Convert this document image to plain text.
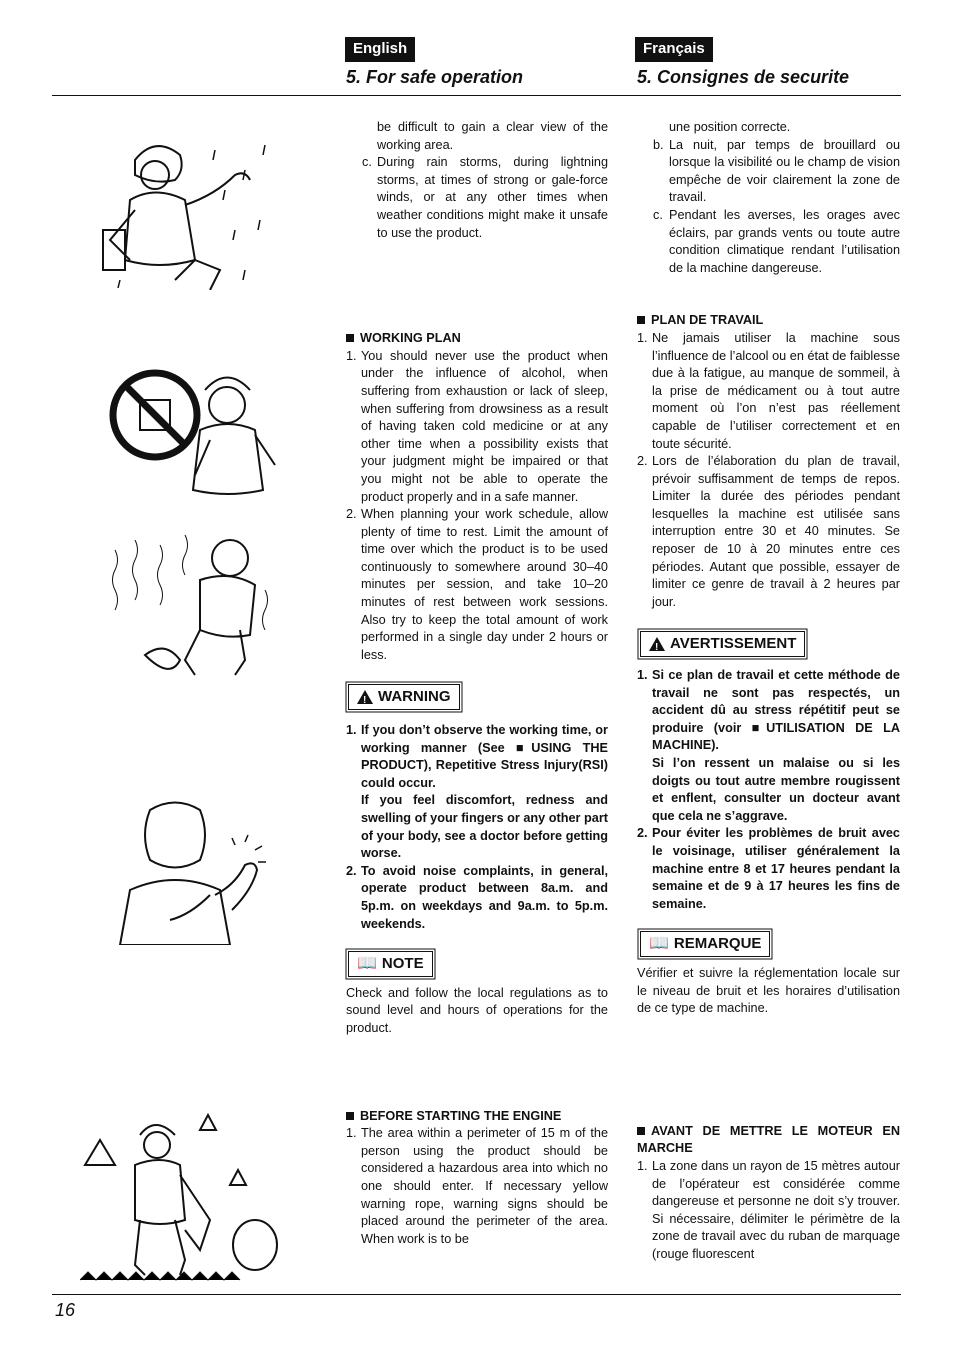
English	Français
5. For safe operation	5. Consignes de securite

be difficult to gain a clear view of the working area.

c. During rain storms, during lightning storms, at times of strong or gale-force winds, or at any other times when weather conditions might make it unsafe to use the product.
WORKING PLAN
1. You should never use the product when under the influence of alcohol, when suffering from exhaustion or lack of sleep, when suffering from drowsiness as a result of having taken cold medicine or at any other time when a possibility exists that your judgment might be impaired or that you might not be able to operate the product properly and in a safe manner.
2. When planning your work schedule, allow plenty of time to rest. Limit the amount of time over which the product is to be used continuously to somewhere around 30–40 minutes per session, and take 10–20 minutes of rest between work sessions. Also try to keep the total amount of work performed in a single day under 2 hours or less.
!
WARNING
1. If you don’t observe the working time, or working manner (See ■USING THE PRODUCT), Repetitive Stress Injury(RSI) could occur.
If you feel discomfort, redness and swelling of your fingers or any other part of your body, see a doctor before getting worse.
2. To avoid noise complaints, in general, operate product between 8a.m. and 5p.m. on weekdays and 9a.m. to 5p.m. weekends.
📖 NOTE

Check and follow the local regulations as to sound level and hours of operations for the product.

BEFORE STARTING THE ENGINE
1. The area within a perimeter of 15 m of the person using the product should be considered a hazardous area into which no one should enter. If necessary yellow warning rope, warning signs should be placed around the perimeter of the area. When work is to be

une position correcte.

b. La nuit, par temps de brouillard ou lorsque la visibilité ou le champ de vision empêche de voir clairement la zone de travail.
c. Pendant les averses, les orages avec éclairs, par grands vents ou toute autre condition climatique rendant l’utilisation de la machine dangereuse.
PLAN DE TRAVAIL
1. Ne jamais utiliser la machine sous l’influence de l’alcool ou en état de faiblesse due à la fatigue, au manque de sommeil, à la prise de médicament ou à tout autre moment où l’on n’est pas réellement capable de l’utiliser correctement et en toute sécurité.
2. Lors de l’élaboration du plan de travail, prévoir suffisamment de temps de repos. Limiter la durée des périodes pendant lesquelles la machine est utilisée sans interruption entre 30 et 40 minutes. Se reposer de 10 à 20 minutes entre ces périodes. Autant que possible, essayer de limiter ce genre de travail à 2 heures par jour.
!
AVERTISSEMENT
1. Si ce plan de travail et cette méthode de travail ne sont pas respectés, un accident dû au stress répétitif peut se produire (voir ■UTILISATION DE LA MACHINE).
Si l’on ressent un malaise ou si les doigts ou tout autre membre rougissent et enflent, consulter un docteur avant que cela ne s’aggrave.
2. Pour éviter les problèmes de bruit avec le voisinage, utiliser généralement la machine entre 8 et 17 heures pendant la semaine et de 9 à 17 heures les fins de semaine.
📖 REMARQUE

Vérifier et suivre la réglementation locale sur le niveau de bruit et les horaires d’utilisation de ce type de machine.

AVANT DE METTRE LE MOTEUR EN MARCHE
1. La zone dans un rayon de 15 mètres autour de l’opérateur est considérée comme dangereuse et personne ne doit s’y trouver. Si nécessaire, délimiter le périmètre de la zone de travail avec du ruban de marquage (rouge fluorescent
16
